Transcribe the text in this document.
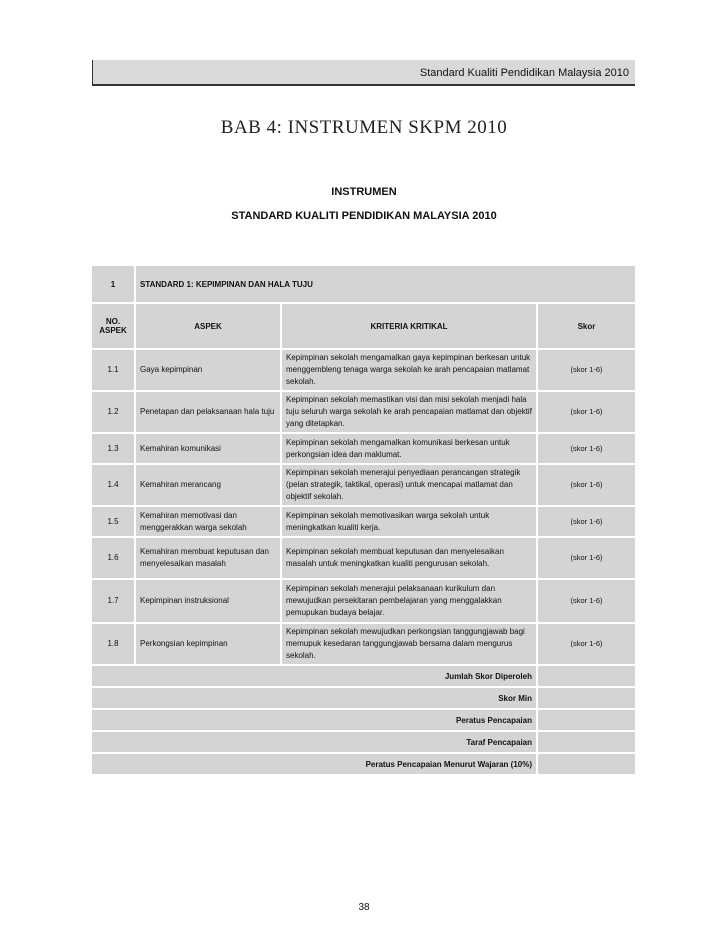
Standard Kualiti Pendidikan Malaysia 2010
BAB 4: INSTRUMEN SKPM 2010
INSTRUMEN
STANDARD KUALITI PENDIDIKAN MALAYSIA 2010
1	STANDARD 1: KEPIMPINAN DAN HALA TUJU		
NO. ASPEK	ASPEK	KRITERIA KRITIKAL	Skor
1.1	Gaya kepimpinan	Kepimpinan sekolah mengamalkan gaya kepimpinan berkesan untuk menggembleng tenaga warga sekolah ke arah pencapaian matlamat sekolah.	(skor 1-6)
1.2	Penetapan dan pelaksanaan hala tuju	Kepimpinan sekolah memastikan visi dan misi sekolah menjadi hala tuju seluruh warga sekolah ke arah pencapaian matlamat dan objektif yang ditetapkan.	(skor 1-6)
1.3	Kemahiran komunikasi	Kepimpinan sekolah mengamalkan komunikasi berkesan untuk perkongsian idea dan maklumat.	(skor 1-6)
1.4	Kemahiran merancang	Kepimpinan sekolah menerajui penyediaan perancangan strategik (pelan strategik, taktikal, operasi) untuk mencapai matlamat dan objektif sekolah.	(skor 1-6)
1.5	Kemahiran memotivasi dan menggerakkan warga sekolah	Kepimpinan sekolah memotivasikan warga sekolah untuk meningkatkan kualiti kerja.	(skor 1-6)
1.6	Kemahiran membuat keputusan dan menyelesaikan masalah	Kepimpinan sekolah membuat keputusan dan menyelesaikan masalah untuk meningkatkan kualiti pengurusan sekolah.	(skor 1-6)
1.7	Kepimpinan instruksional	Kepimpinan sekolah menerajui pelaksanaan kurikulum dan mewujudkan persekitaran pembelajaran yang menggalakkan pemupukan budaya belajar.	(skor 1-6)
1.8	Perkongsian kepimpinan	Kepimpinan sekolah mewujudkan perkongsian tanggungjawab bagi memupuk kesedaran tanggungjawab bersama dalam mengurus sekolah.	(skor 1-6)
Jumlah Skor Diperoleh			
Skor Min			
Peratus Pencapaian			
Taraf Pencapaian			
Peratus Pencapaian Menurut Wajaran (10%)			
38
